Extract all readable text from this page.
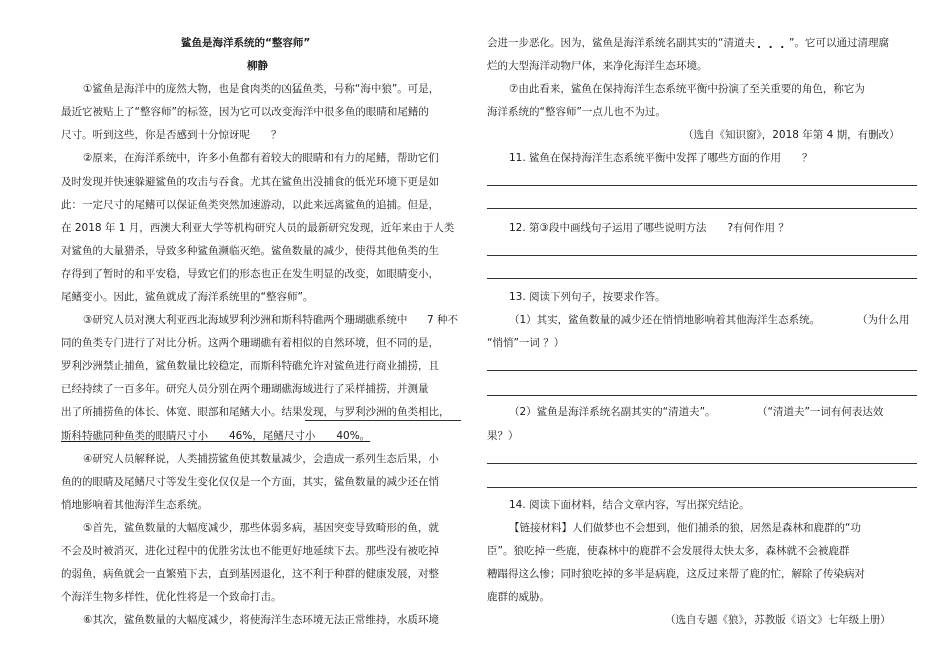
鲨鱼是海洋系统的“整容师”
柳静
①鲨鱼是海洋中的庞然大物，也是食肉类的凶猛鱼类，号称“海中狼”。可是，
最近它被贴上了“整容师”的标签，因为它可以改变海洋中很多鱼的眼睛和尾鳍的
尺寸。听到这些，你是否感到十分惊讶呢　　？
②原来，在海洋系统中，许多小鱼都有着较大的眼睛和有力的尾鳍，帮助它们
及时发现并快速躲避鲨鱼的攻击与吞食。尤其在鲨鱼出没捕食的低光环境下更是如
此：一定尺寸的尾鳍可以保证鱼类突然加速游动，以此来远离鲨鱼的追捕。但是，
在 2018 年 1 月，西澳大利亚大学等机构研究人员的最新研究发现，近年来由于人类
对鲨鱼的大量猎杀，导致多种鲨鱼濒临灭绝。鲨鱼数量的减少，使得其他鱼类的生
存得到了暂时的和平安稳，导致它们的形态也正在发生明显的改变，如眼睛变小，
尾鳍变小。因此，鲨鱼就成了海洋系统里的“整容师”。
③研究人员对澳大利亚西北海域罗利沙洲和斯科特礁两个珊瑚礁系统中 7 种不
同的鱼类专门进行了对比分析。这两个珊瑚礁有着相似的自然环境，但不同的是，
罗利沙洲禁止捕鱼，鲨鱼数量比较稳定，而斯科特礁允许对鲨鱼进行商业捕捞，且
已经持续了一百多年。研究人员分别在两个珊瑚礁海域进行了采样捕捞，并测量
出了所捕捞鱼的体长、体宽、眼部和尾鳍大小。结果发现，与罗利沙洲的鱼类相比，
斯科特礁同种鱼类的眼睛尺寸小　　46%，尾鳍尺寸小　　40%。
④研究人员解释说，人类捕捞鲨鱼使其数量减少，会造成一系列生态后果，小
鱼的的眼睛及尾鳍尺寸等发生变化仅仅是一个方面，其实，鲨鱼数量的减少还在悄
悄地影响着其他海洋生态系统。
⑤首先，鲨鱼数量的大幅度减少，那些体弱多病，基因突变导致畸形的鱼，就
不会及时被消灭，进化过程中的优胜劣汰也不能更好地延续下去。那些没有被吃掉
的弱鱼，病鱼就会一直繁殖下去，直到基因退化，这不利于种群的健康发展，对整
个海洋生物多样性，优化性将是一个致命打击。
⑥其次，鲨鱼数量的大幅度减少，将使海洋生态环境无法正常维持，水质环境
会进一步恶化。因为，鲨鱼是海洋系统名副其实的“清道夫 . . . ”。它可以通过清理腐
烂的大型海洋动物尸体，来净化海洋生态环境。
⑦由此看来，鲨鱼在保持海洋生态系统平衡中扮演了至关重要的角色，称它为
海洋系统的“整容师”一点儿也不为过。
（选自《知识窗》，2018 年第 4 期，有删改）
11. 鲨鱼在保持海洋生态系统平衡中发挥了哪些方面的作用　　？
12. 第③段中画线句子运用了哪些说明方法　　?有何作用 ？
13. 阅读下列句子，按要求作答。
（1）其实，鲨鱼数量的减少还在悄悄地影响着其他海洋生态系统。	（为什么用
“悄悄”一词 ？）
（2）鲨鱼是海洋系统名副其实的“清道夫”。	（“清道夫”一词有何表达效
果？）
14. 阅读下面材料，结合文章内容，写出探究结论。
【链接材料】人们做梦也不会想到，他们捕杀的狼，居然是森林和鹿群的“功
臣”。狼吃掉一些鹿，使森林中的鹿群不会发展得太快太多，森林就不会被鹿群
糟蹋得这么惨；同时狼吃掉的多半是病鹿，这反过来帮了鹿的忙，解除了传染病对
鹿群的威胁。
（选自专题《狼》，苏教版《语文》七年级上册）
